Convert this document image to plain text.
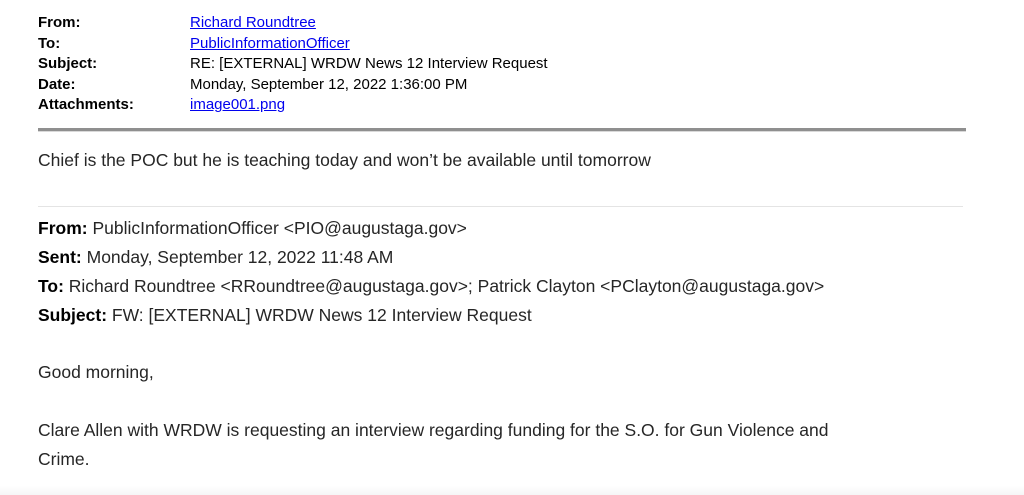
From:	Richard Roundtree
To:	PublicInformationOfficer
Subject:	RE: [EXTERNAL] WRDW News 12 Interview Request
Date:	Monday, September 12, 2022 1:36:00 PM
Attachments:	image001.png
Chief is the POC but he is teaching today and won’t be available until tomorrow
From: PublicInformationOfficer <PIO@augustaga.gov>
Sent: Monday, September 12, 2022 11:48 AM
To: Richard Roundtree <RRoundtree@augustaga.gov>; Patrick Clayton <PClayton@augustaga.gov>
Subject: FW: [EXTERNAL] WRDW News 12 Interview Request
Good morning,
Clare Allen with WRDW is requesting an interview regarding funding for the S.O. for Gun Violence and
Crime.
